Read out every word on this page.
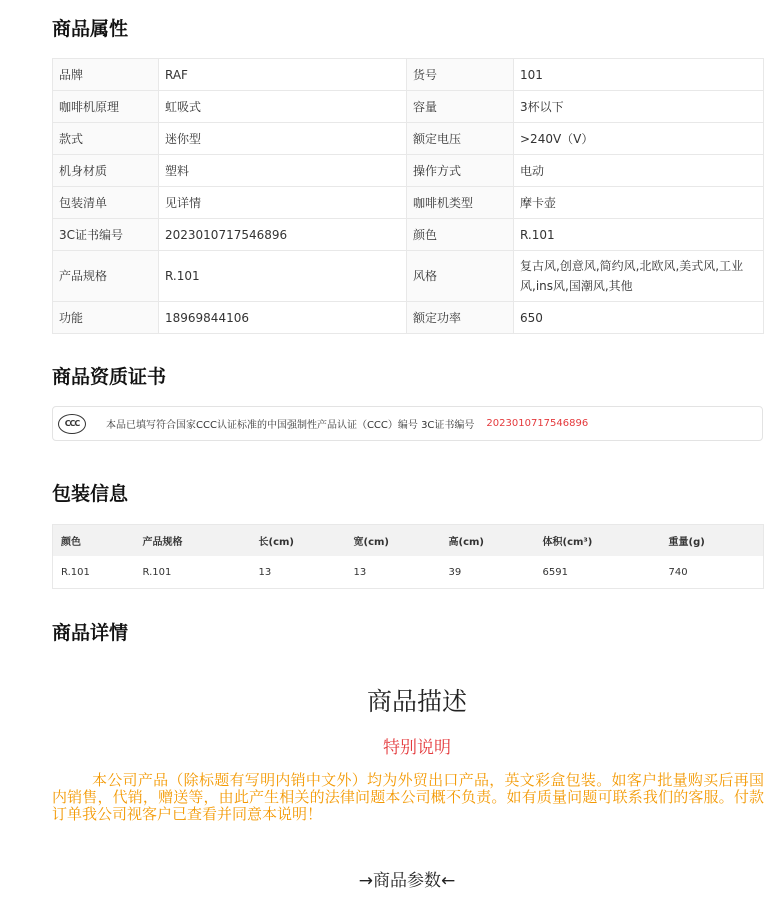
商品属性
品牌	RAF	货号	101
咖啡机原理	虹吸式	容量	3杯以下
款式	迷你型	额定电压	>240V（V）
机身材质	塑料	操作方式	电动
包装清单	见详情	咖啡机类型	摩卡壶
3C证书编号	2023010717546896	颜色	R.101
产品规格	R.101	风格	复古风,创意风,简约风,北欧风,美式风,工业风,ins风,国潮风,其他
功能	18969844106	额定功率	650
商品资质证书
CCC	本品已填写符合国家CCC认证标准的中国强制性产品认证（CCC）编号 3C证书编号 2023010717546896
包装信息
颜色	产品规格	长(cm)	宽(cm)	高(cm)	体积(cm³)	重量(g)
R.101	R.101	13	13	39	6591	740
商品详情
商品描述
特别说明
本公司产品（除标题有写明内销中文外）均为外贸出口产品，英文彩盒包装。如客户批量购买后再国内销售，代销，赠送等，由此产生相关的法律问题本公司概不负责。如有质量问题可联系我们的客服。付款订单我公司视客户已查看并同意本说明！
→商品参数←
